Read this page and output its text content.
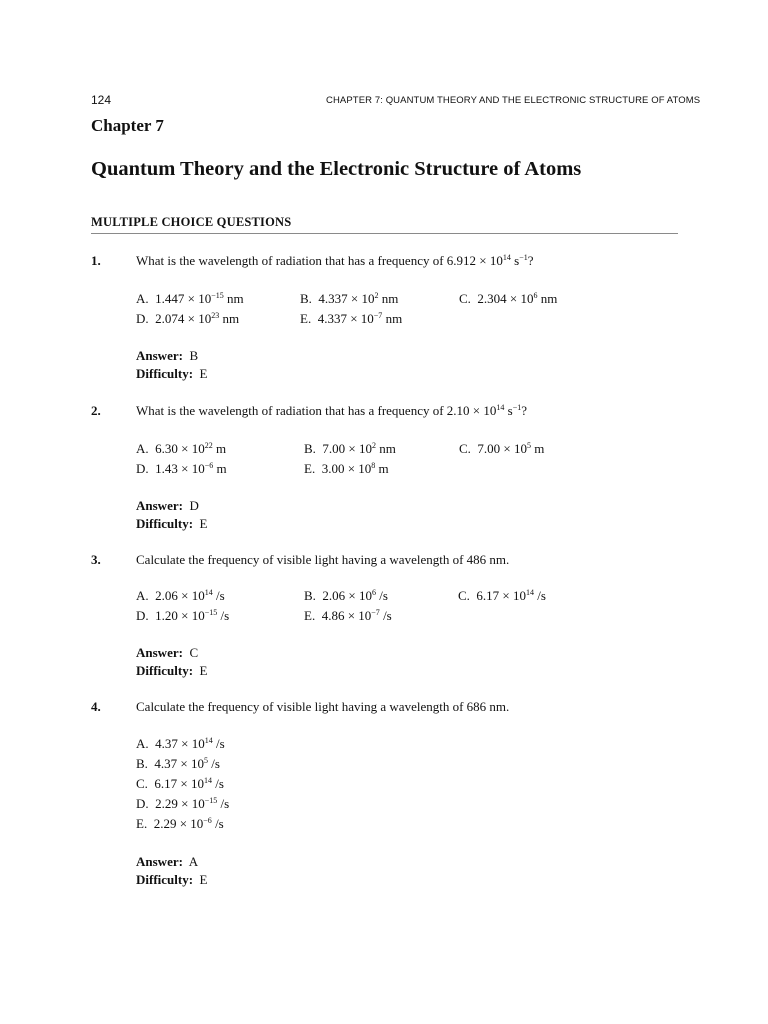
124	CHAPTER 7: QUANTUM THEORY AND THE ELECTRONIC STRUCTURE OF ATOMS
Chapter 7
Quantum Theory and the Electronic Structure of Atoms
MULTIPLE CHOICE QUESTIONS
1.	What is the wavelength of radiation that has a frequency of $6.912 \times 10^{14}$ $s^{-1}$?
A. $1.447 \times 10^{-15}$ nm	B. $4.337 \times 10^2$ nm	C. $2.304 \times 10^6$ nm
D. $2.074 \times 10^{23}$ nm	E. $4.337 \times 10^{-7}$ nm
Answer: B
Difficulty: E
2.	What is the wavelength of radiation that has a frequency of $2.10 \times 10^{14}$ $s^{-1}$?
A. $6.30 \times 10^{22}$ m	B. $7.00 \times 10^2$ nm	C. $7.00 \times 10^5$ m
D. $1.43 \times 10^{-6}$ m	E. $3.00 \times 10^8$ m
Answer: D
Difficulty: E
3.	Calculate the frequency of visible light having a wavelength of 486 nm.
A. $2.06 \times 10^{14}$ /s	B. $2.06 \times 10^6$ /s	C. $6.17 \times 10^{14}$ /s
D. $1.20 \times 10^{-15}$ /s	E. $4.86 \times 10^{-7}$ /s
Answer: C
Difficulty: E
4.	Calculate the frequency of visible light having a wavelength of 686 nm.
A. $4.37 \times 10^{14}$ /s
B. $4.37 \times 10^5$ /s
C. $6.17 \times 10^{14}$ /s
D. $2.29 \times 10^{-15}$ /s
E. $2.29 \times 10^{-6}$ /s
Answer: A
Difficulty: E
